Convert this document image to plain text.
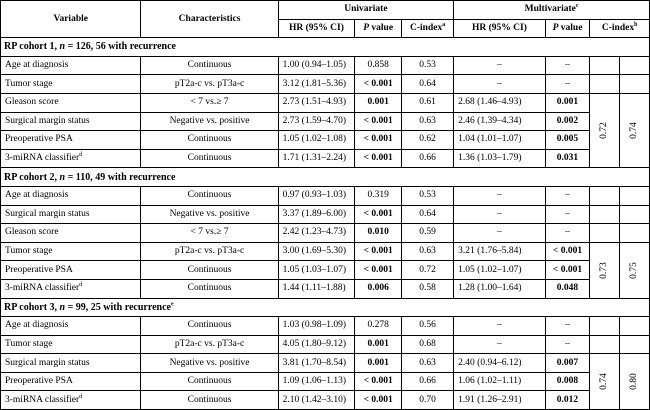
Variable	Characteristics	Univariate			Multivariate$^c$
		HR (95% CI)	P value	C-index$^a$	HR (95% CI)	P value	C-index$^b$
RP cohort 1, n = 126, 56 with recurrence								
Age at diagnosis	Continuous	1.00 (0.94–1.05)	0.858	0.53	–	–		
Tumor stage	pT2a-c vs. pT3a-c	3.12 (1.81–5.36)	< 0.001	0.64	–	–		
Gleason score	< 7 vs.≥ 7	2.73 (1.51–4.93)	0.001	0.61	2.68 (1.46–4.93)	0.001	0.72	0.74
Surgical margin status	Negative vs. positive	2.73 (1.59–4.70)	< 0.001	0.63	2.46 (1.39–4.34)	0.002		
Preoperative PSA	Continuous	1.05 (1.02–1.08)	< 0.001	0.62	1.04 (1.01–1.07)	0.005		
3-miRNA classifier$^d$	Continuous	1.71 (1.31–2.24)	< 0.001	0.66	1.36 (1.03–1.79)	0.031		
RP cohort 2, n = 110, 49 with recurrence								
Age at diagnosis	Continuous	0.97 (0.93–1.03)	0.319	0.53	–	–		
Surgical margin status	Negative vs. positive	3.37 (1.89–6.00)	< 0.001	0.64	–	–		
Gleason score	< 7 vs.≥ 7	2.42 (1.23–4.73)	0.010	0.59	–	–		
Tumor stage	pT2a-c vs. pT3a-c	3.00 (1.69–5.30)	< 0.001	0.63	3.21 (1.76–5.84)	< 0.001	0.73	0.75
Preoperative PSA	Continuous	1.05 (1.03–1.07)	< 0.001	0.72	1.05 (1.02–1.07)	< 0.001		
3-miRNA classifier$^d$	Continuous	1.44 (1.11–1.88)	0.006	0.58	1.28 (1.00–1.64)	0.048		
RP cohort 3, n = 99, 25 with recurrence$^e$
Age at diagnosis	Continuous	1.03 (0.98–1.09)	0.278	0.56	–	–		
Tumor stage	pT2a-c vs. pT3a-c	4.05 (1.80–9.12)	0.001	0.68	–	–		
Surgical margin status	Negative vs. positive	3.81 (1.70–8.54)	0.001	0.63	2.40 (0.94–6.12)	0.007	0.74	0.80
Preoperative PSA	Continuous	1.09 (1.06–1.13)	< 0.001	0.66	1.06 (1.02–1.11)	0.008		
3-miRNA classifier$^d$	Continuous	2.10 (1.42–3.10)	< 0.001	0.70	1.91 (1.26–2.91)	0.012		
